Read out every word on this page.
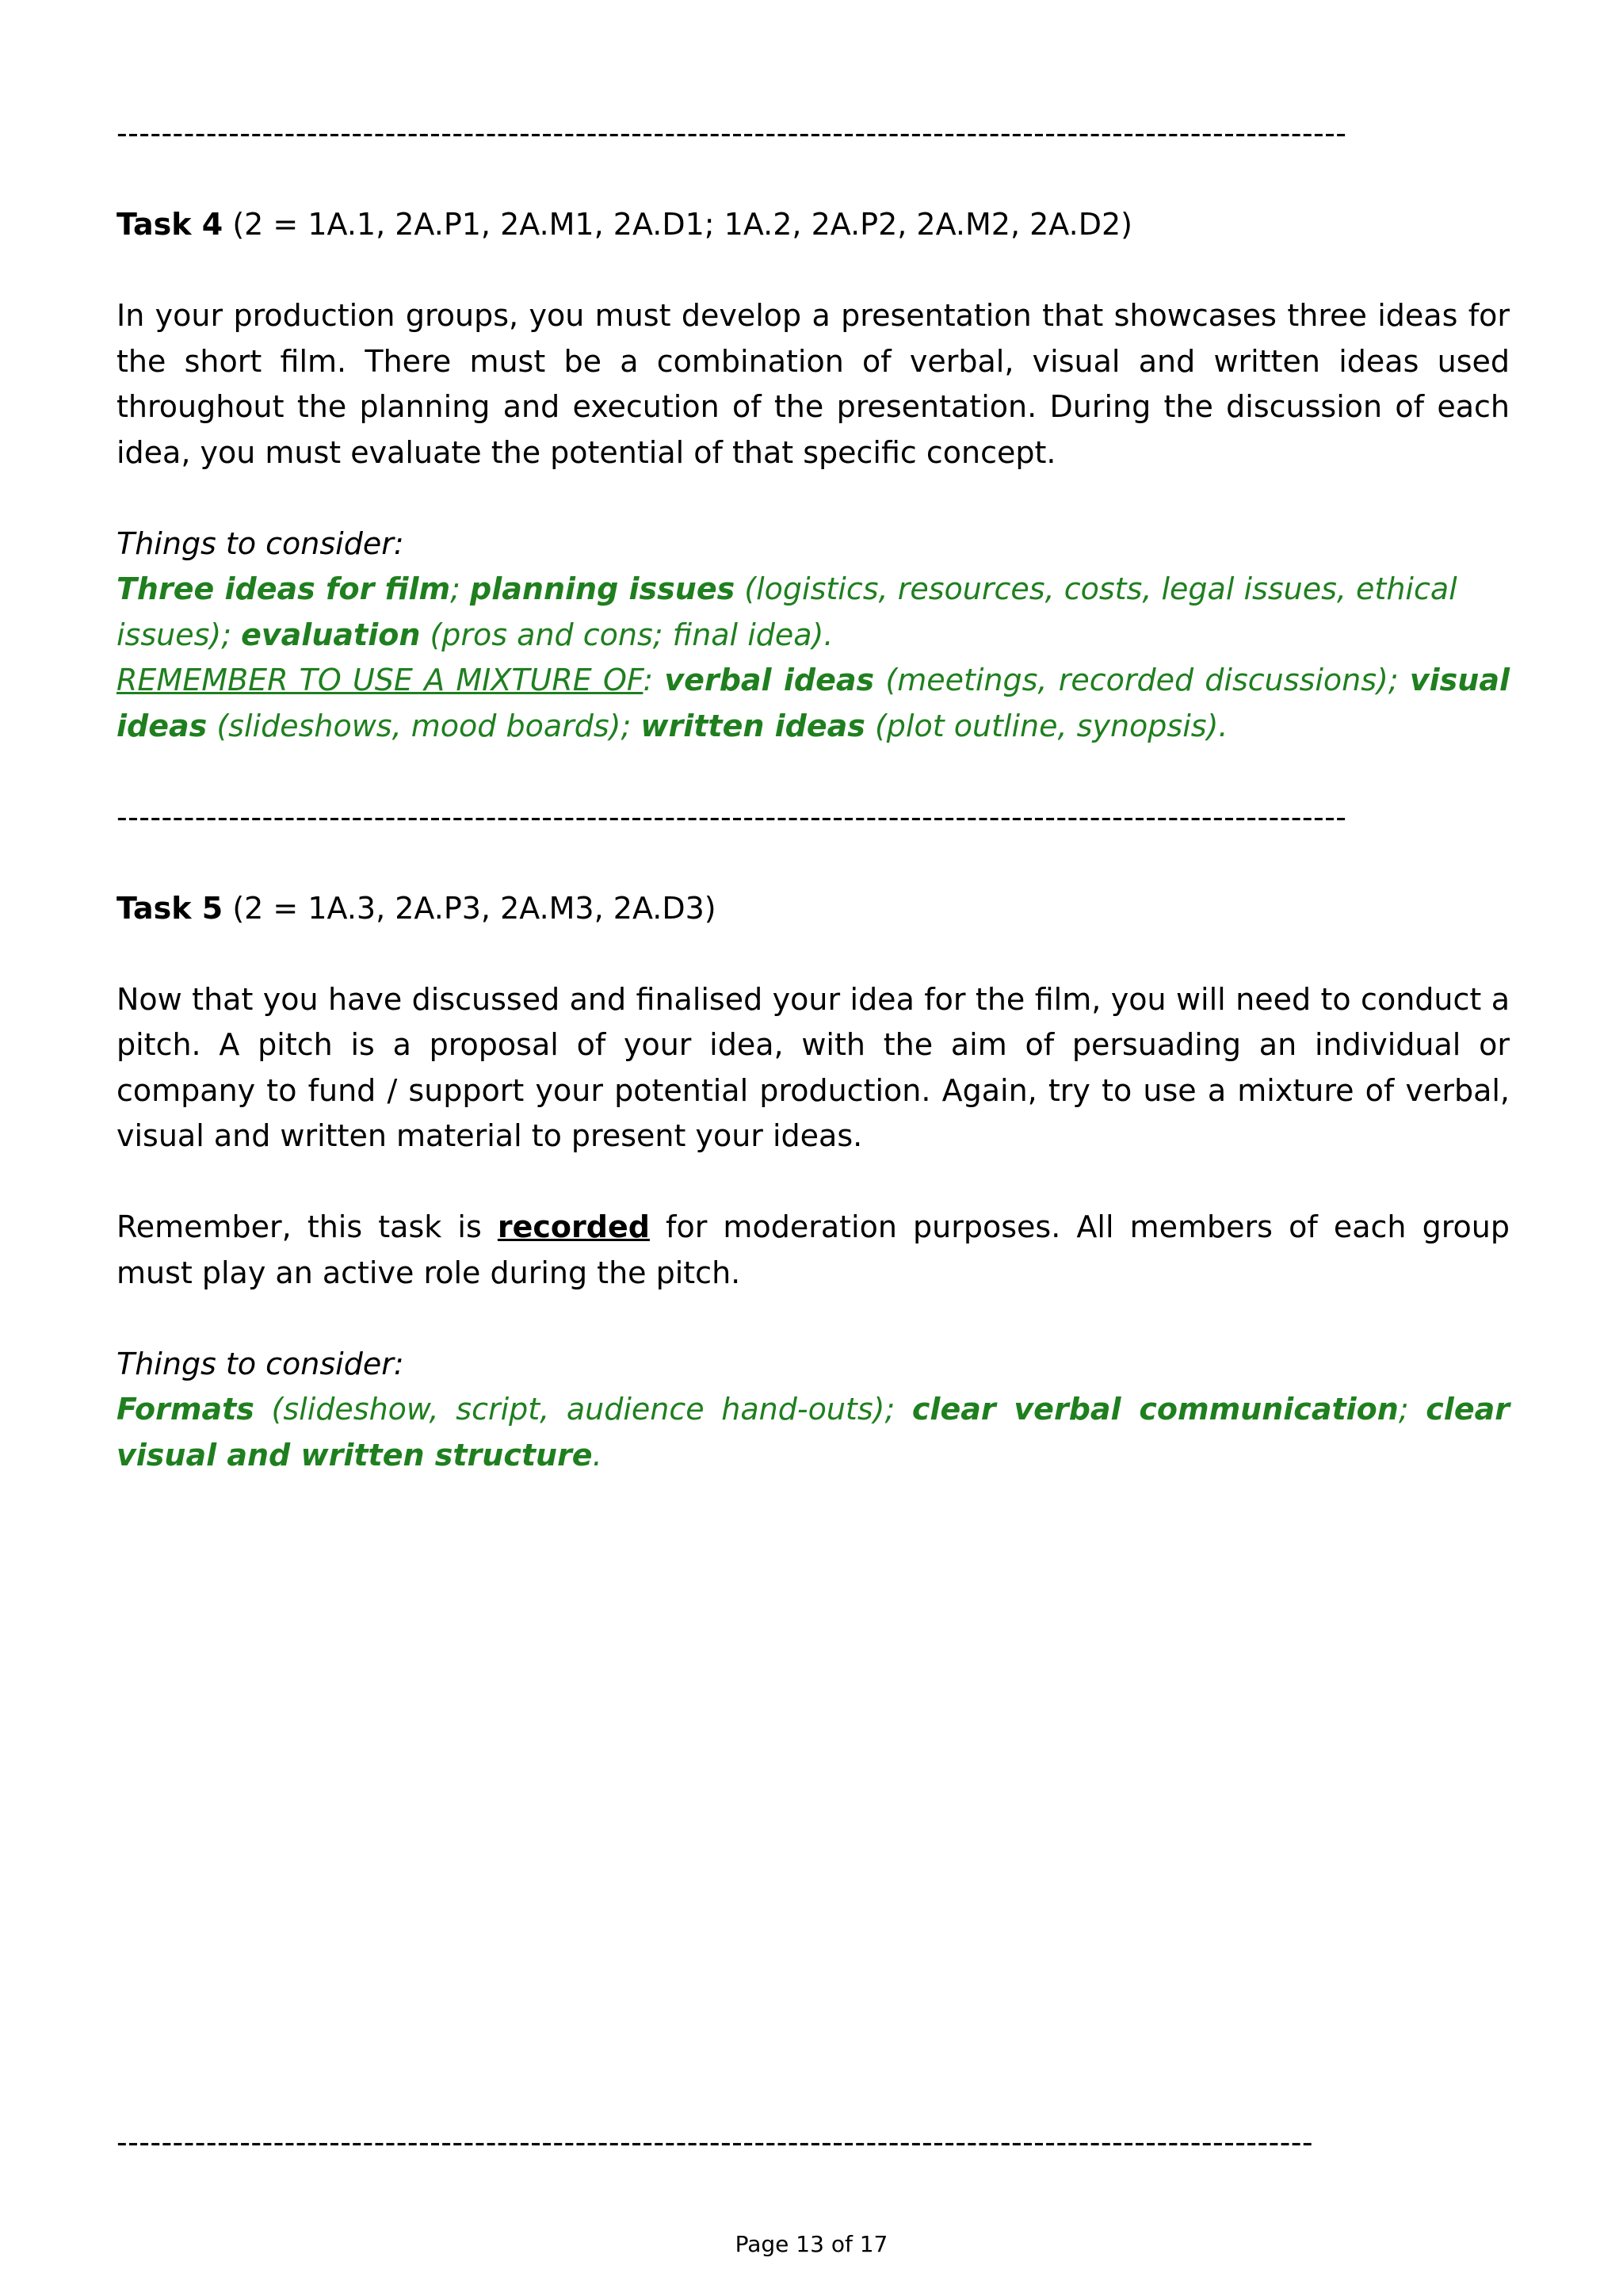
--------------------------------------------------------------------------------------------------------------

Task 4 (2 = 1A.1, 2A.P1, 2A.M1, 2A.D1; 1A.2, 2A.P2, 2A.M2, 2A.D2)

In your production groups, you must develop a presentation that showcases three ideas for the short film. There must be a combination of verbal, visual and written ideas used throughout the planning and execution of the presentation. During the discussion of each idea, you must evaluate the potential of that specific concept.

Things to consider:

Three ideas for film; planning issues (logistics, resources, costs, legal issues, ethical issues); evaluation (pros and cons; final idea).

REMEMBER TO USE A MIXTURE OF: verbal ideas (meetings, recorded discussions); visual ideas (slideshows, mood boards); written ideas (plot outline, synopsis).

--------------------------------------------------------------------------------------------------------------

Task 5 (2 = 1A.3, 2A.P3, 2A.M3, 2A.D3)

Now that you have discussed and finalised your idea for the film, you will need to conduct a pitch. A pitch is a proposal of your idea, with the aim of persuading an individual or company to fund / support your potential production. Again, try to use a mixture of verbal, visual and written material to present your ideas.

Remember, this task is recorded for moderation purposes. All members of each group must play an active role during the pitch.

Things to consider:

Formats (slideshow, script, audience hand-outs); clear verbal communication; clear visual and written structure.

-----------------------------------------------------------------------------------------------------------
Page 13 of 17
